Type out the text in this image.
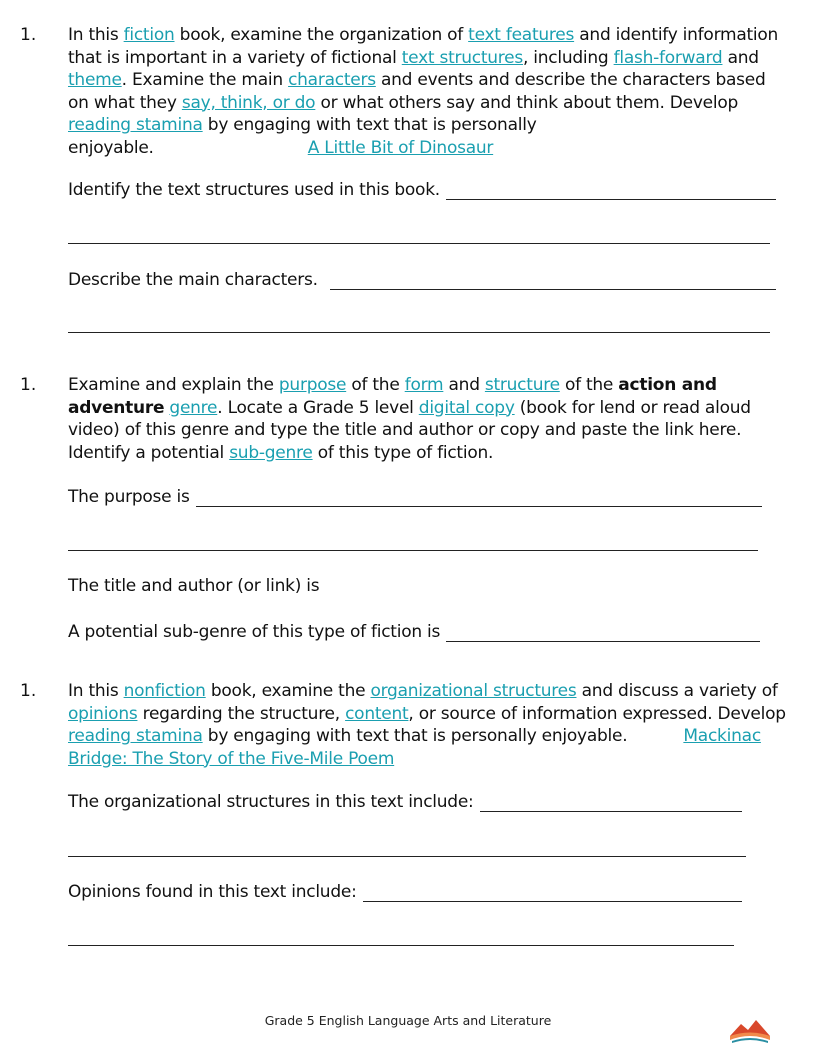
1. In this fiction book, examine the organization of text features and identify information that is important in a variety of fictional text structures, including flash-forward and theme. Examine the main characters and events and describe the characters based on what they say, think, or do or what others say and think about them. Develop reading stamina by engaging with text that is personally enjoyable.	A Little Bit of Dinosaur
Identify the text structures used in this book.
Describe the main characters.
1. Examine and explain the purpose of the form and structure of the action and adventure genre. Locate a Grade 5 level digital copy (book for lend or read aloud video) of this genre and type the title and author or copy and paste the link here. Identify a potential sub-genre of this type of fiction.
The purpose is
The title and author (or link) is
A potential sub-genre of this type of fiction is
1. In this nonfiction book, examine the organizational structures and discuss a variety of opinions regarding the structure, content, or source of information expressed. Develop reading stamina by engaging with text that is personally enjoyable.	Mackinac Bridge: The Story of the Five-Mile Poem
The organizational structures in this text include:
Opinions found in this text include:
Grade 5 English Language Arts and Literature
